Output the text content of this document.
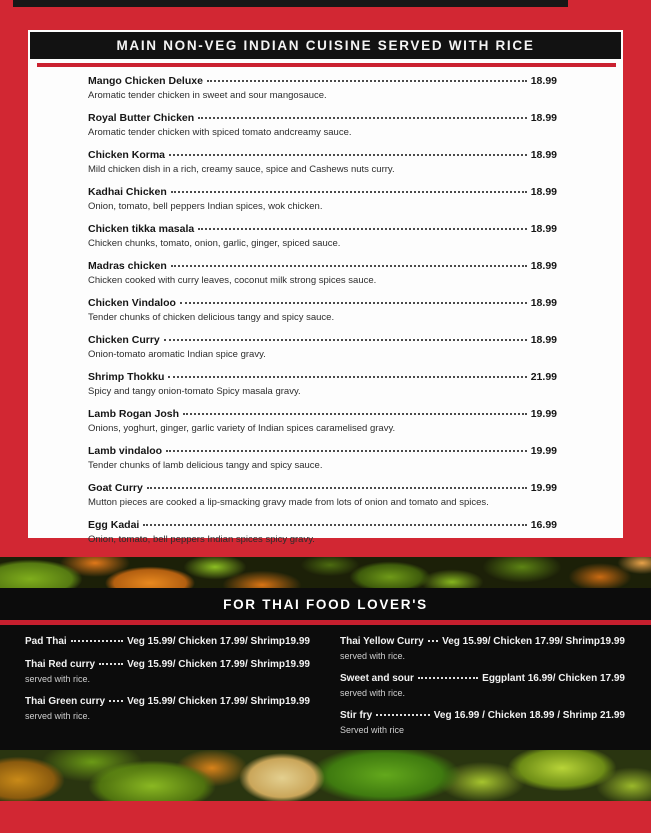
MAIN NON-VEG INDIAN CUISINE SERVED WITH RICE
Mango Chicken Deluxe	18.99
Aromatic tender chicken in sweet and sour mangosauce.
Royal Butter Chicken	18.99
Aromatic tender chicken with spiced tomato andcreamy sauce.
Chicken Korma	18.99
Mild chicken dish in a rich, creamy sauce, spice and Cashews nuts curry.
Kadhai Chicken	18.99
Onion, tomato, bell peppers Indian spices, wok chicken.
Chicken tikka masala	18.99
Chicken chunks, tomato, onion, garlic, ginger, spiced sauce.
Madras chicken	18.99
Chicken cooked with curry leaves, coconut milk strong spices sauce.
Chicken Vindaloo	18.99
Tender chunks of chicken delicious tangy and spicy sauce.
Chicken Curry	18.99
Onion-tomato aromatic Indian spice gravy.
Shrimp Thokku	21.99
Spicy and tangy onion-tomato Spicy masala gravy.
Lamb Rogan Josh	19.99
Onions, yoghurt, ginger, garlic variety of Indian spices caramelised gravy.
Lamb vindaloo	19.99
Tender chunks of lamb delicious tangy and spicy sauce.
Goat Curry	19.99
Mutton pieces are cooked a lip-smacking gravy made from lots of onion and tomato and spices.
Egg Kadai	16.99
Onion, tomato, bell peppers Indian spices spicy gravy.
FOR THAI FOOD LOVER'S
Pad Thai	Veg 15.99/ Chicken 17.99/ Shrimp19.99
Thai Red curry	Veg 15.99/ Chicken 17.99/ Shrimp19.99
served with rice.
Thai Green curry Veg 15.99/ Chicken 17.99/ Shrimp19.99
served with rice.
Thai Yellow Curry Veg 15.99/ Chicken 17.99/ Shrimp19.99
served with rice.
Sweet and sour	Eggplant 16.99/ Chicken 17.99
served with rice.
Stir fry	Veg 16.99 / Chicken 18.99 / Shrimp 21.99
Served with rice
